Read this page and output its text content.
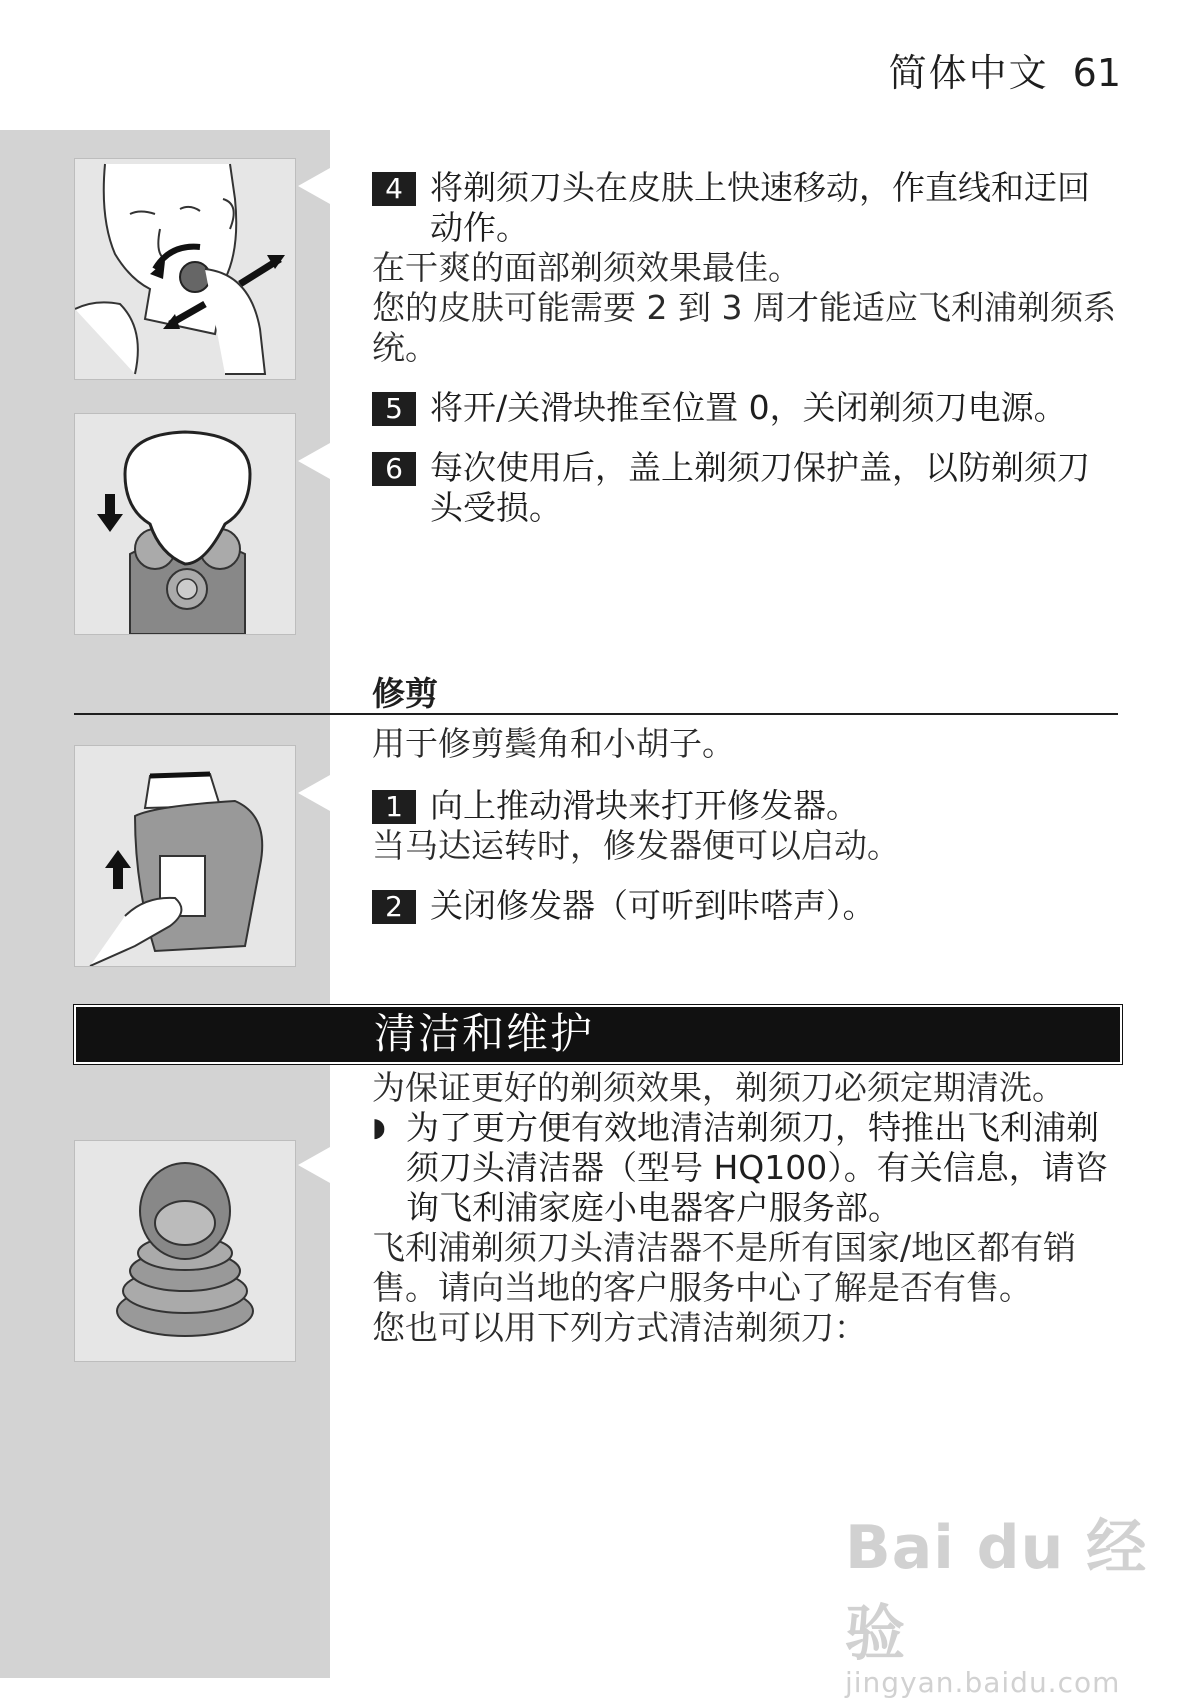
简体中文 61

4 将剃须刀头在皮肤上快速移动，作直线和迂回动作。

在干爽的面部剃须效果最佳。

您的皮肤可能需要 2 到 3 周才能适应飞利浦剃须系统。

5 将开/关滑块推至位置 0，关闭剃须刀电源。

6 每次使用后，盖上剃须刀保护盖，以防剃须刀头受损。

修剪

用于修剪鬓角和小胡子。

1 向上推动滑块来打开修发器。

当马达运转时，修发器便可以启动。

2 关闭修发器（可听到咔嗒声）。

清洁和维护

为保证更好的剃须效果，剃须刀必须定期清洗。

◗ 为了更方便有效地清洁剃须刀，特推出飞利浦剃须刀头清洁器（型号 HQ100）。有关信息，请咨询飞利浦家庭小电器客户服务部。

飞利浦剃须刀头清洁器不是所有国家/地区都有销售。请向当地的客户服务中心了解是否有售。

您也可以用下列方式清洁剃须刀：

Bai du 经验
jingyan.baidu.com
